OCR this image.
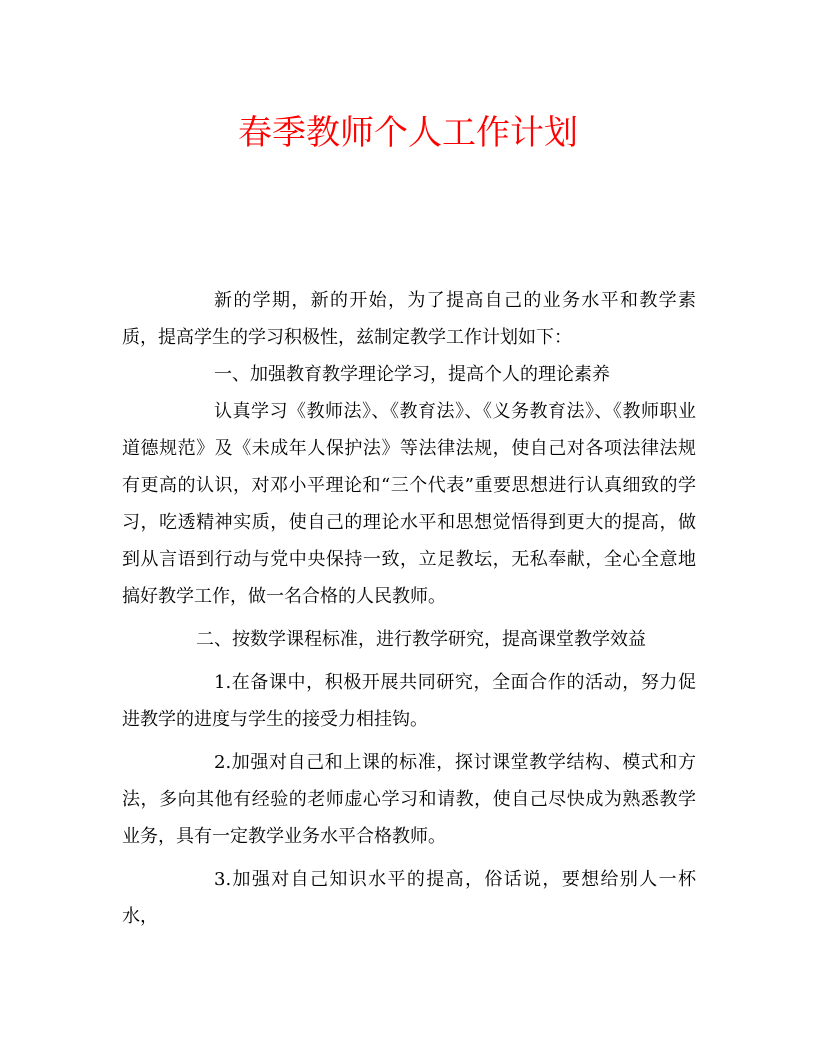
春季教师个人工作计划

新的学期，新的开始，为了提高自己的业务水平和教学素质，提高学生的学习积极性，兹制定教学工作计划如下：

一、加强教育教学理论学习，提高个人的理论素养

认真学习《教师法》、《教育法》、《义务教育法》、《教师职业道德规范》及《未成年人保护法》等法律法规，使自己对各项法律法规有更高的认识，对邓小平理论和“三个代表”重要思想进行认真细致的学习，吃透精神实质，使自己的理论水平和思想觉悟得到更大的提高，做到从言语到行动与党中央保持一致，立足教坛，无私奉献，全心全意地搞好教学工作，做一名合格的人民教师。

二、按数学课程标准，进行教学研究，提高课堂教学效益

1.在备课中，积极开展共同研究，全面合作的活动，努力促进教学的进度与学生的接受力相挂钩。

2.加强对自己和上课的标准，探讨课堂教学结构、模式和方法，多向其他有经验的老师虚心学习和请教，使自己尽快成为熟悉教学业务，具有一定教学业务水平合格教师。

3.加强对自己知识水平的提高，俗话说，要想给别人一杯水，
